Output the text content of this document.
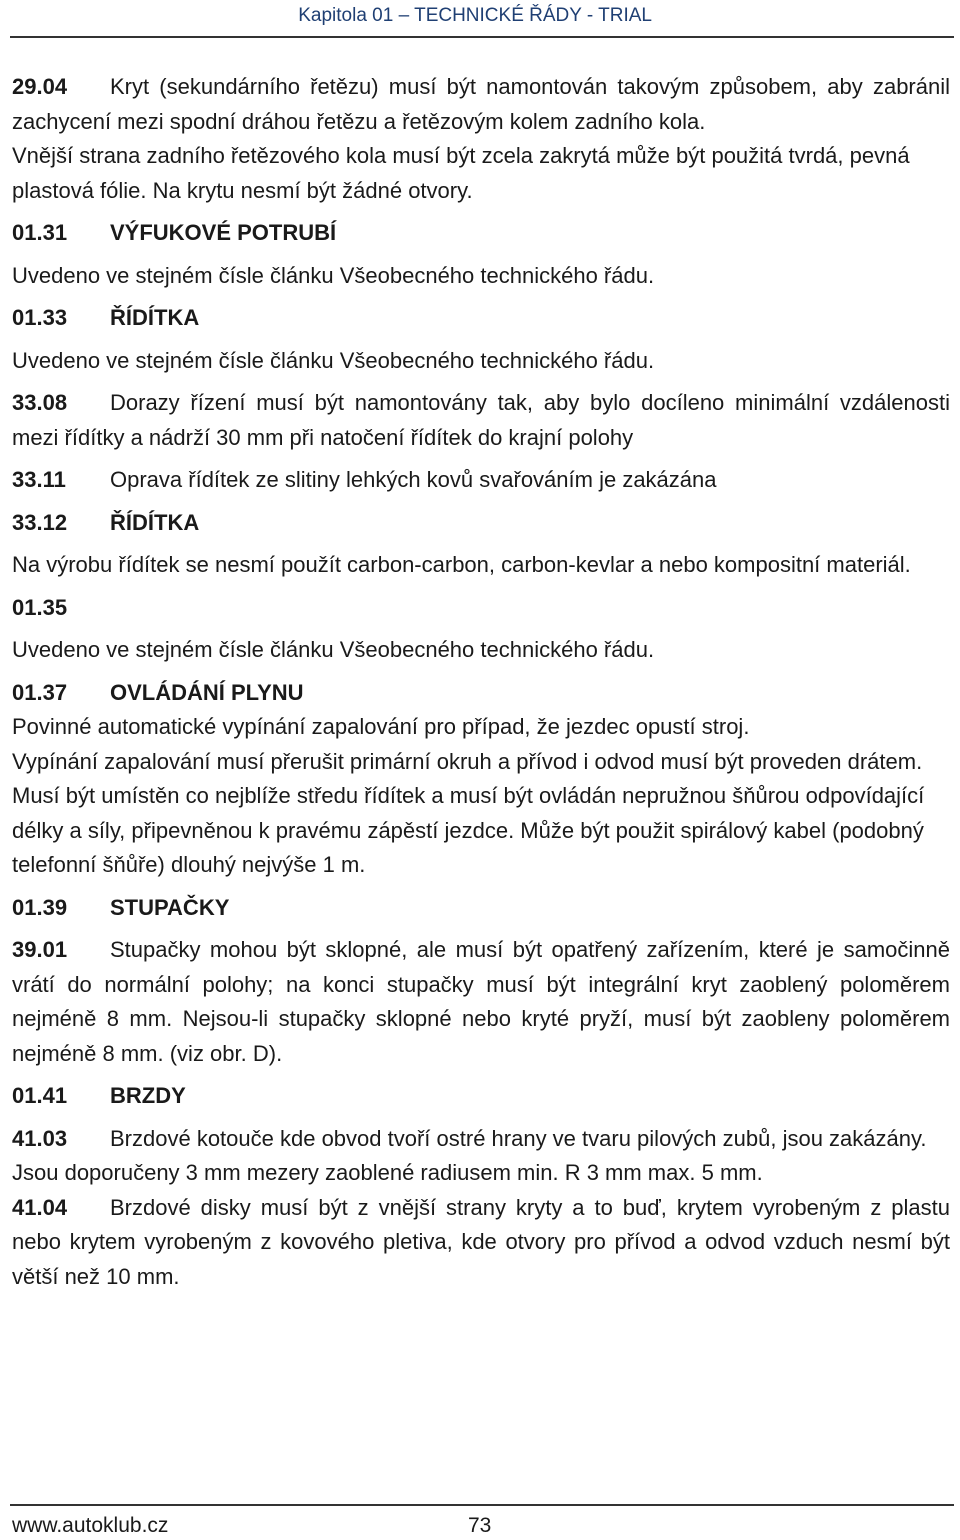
Kapitola 01 – TECHNICKÉ ŘÁDY - TRIAL

29.04 Kryt (sekundárního řetězu) musí být namontován takovým způsobem, aby zabránil zachycení mezi spodní dráhou řetězu a řetězovým kolem zadního kola.

Vnější strana zadního řetězového kola musí být zcela zakrytá může být použitá tvrdá, pevná plastová fólie. Na krytu nesmí být žádné otvory.

01.31 VÝFUKOVÉ POTRUBÍ

Uvedeno ve stejném čísle článku Všeobecného technického řádu.

01.33 ŘÍDÍTKA

Uvedeno ve stejném čísle článku Všeobecného technického řádu.

33.08 Dorazy řízení musí být namontovány tak, aby bylo docíleno minimální vzdálenosti mezi řídítky a nádrží 30 mm při natočení řídítek do krajní polohy

33.11 Oprava řídítek ze slitiny lehkých kovů svařováním je zakázána

33.12 ŘÍDÍTKA

Na výrobu řídítek se nesmí použít carbon-carbon, carbon-kevlar a nebo kompositní materiál.

01.35

Uvedeno ve stejném čísle článku Všeobecného technického řádu.

01.37 OVLÁDÁNÍ PLYNU

Povinné automatické vypínání zapalování pro případ, že jezdec opustí stroj.

Vypínání zapalování musí přerušit primární okruh a přívod i odvod musí být proveden drátem. Musí být umístěn co nejblíže středu řídítek a musí být ovládán nepružnou šňůrou odpovídající délky a síly, připevněnou k pravému zápěstí jezdce. Může být použit spirálový kabel (podobný telefonní šňůře) dlouhý nejvýše 1 m.

01.39 STUPAČKY

39.01 Stupačky mohou být sklopné, ale musí být opatřený zařízením, které je samočinně vrátí do normální polohy; na konci stupačky musí být integrální kryt zaoblený poloměrem nejméně 8 mm. Nejsou-li stupačky sklopné nebo kryté pryží, musí být zaobleny poloměrem nejméně 8 mm. (viz obr. D).

01.41 BRZDY

41.03 Brzdové kotouče kde obvod tvoří ostré hrany ve tvaru pilových zubů, jsou zakázány. Jsou doporučeny 3 mm mezery zaoblené radiusem min. R 3 mm max. 5 mm.

41.04 Brzdové disky musí být z vnější strany kryty a to buď, krytem vyrobeným z plastu nebo krytem vyrobeným z kovového pletiva, kde otvory pro přívod a odvod vzduch nesmí být větší než 10 mm.

www.autoklub.cz	73
